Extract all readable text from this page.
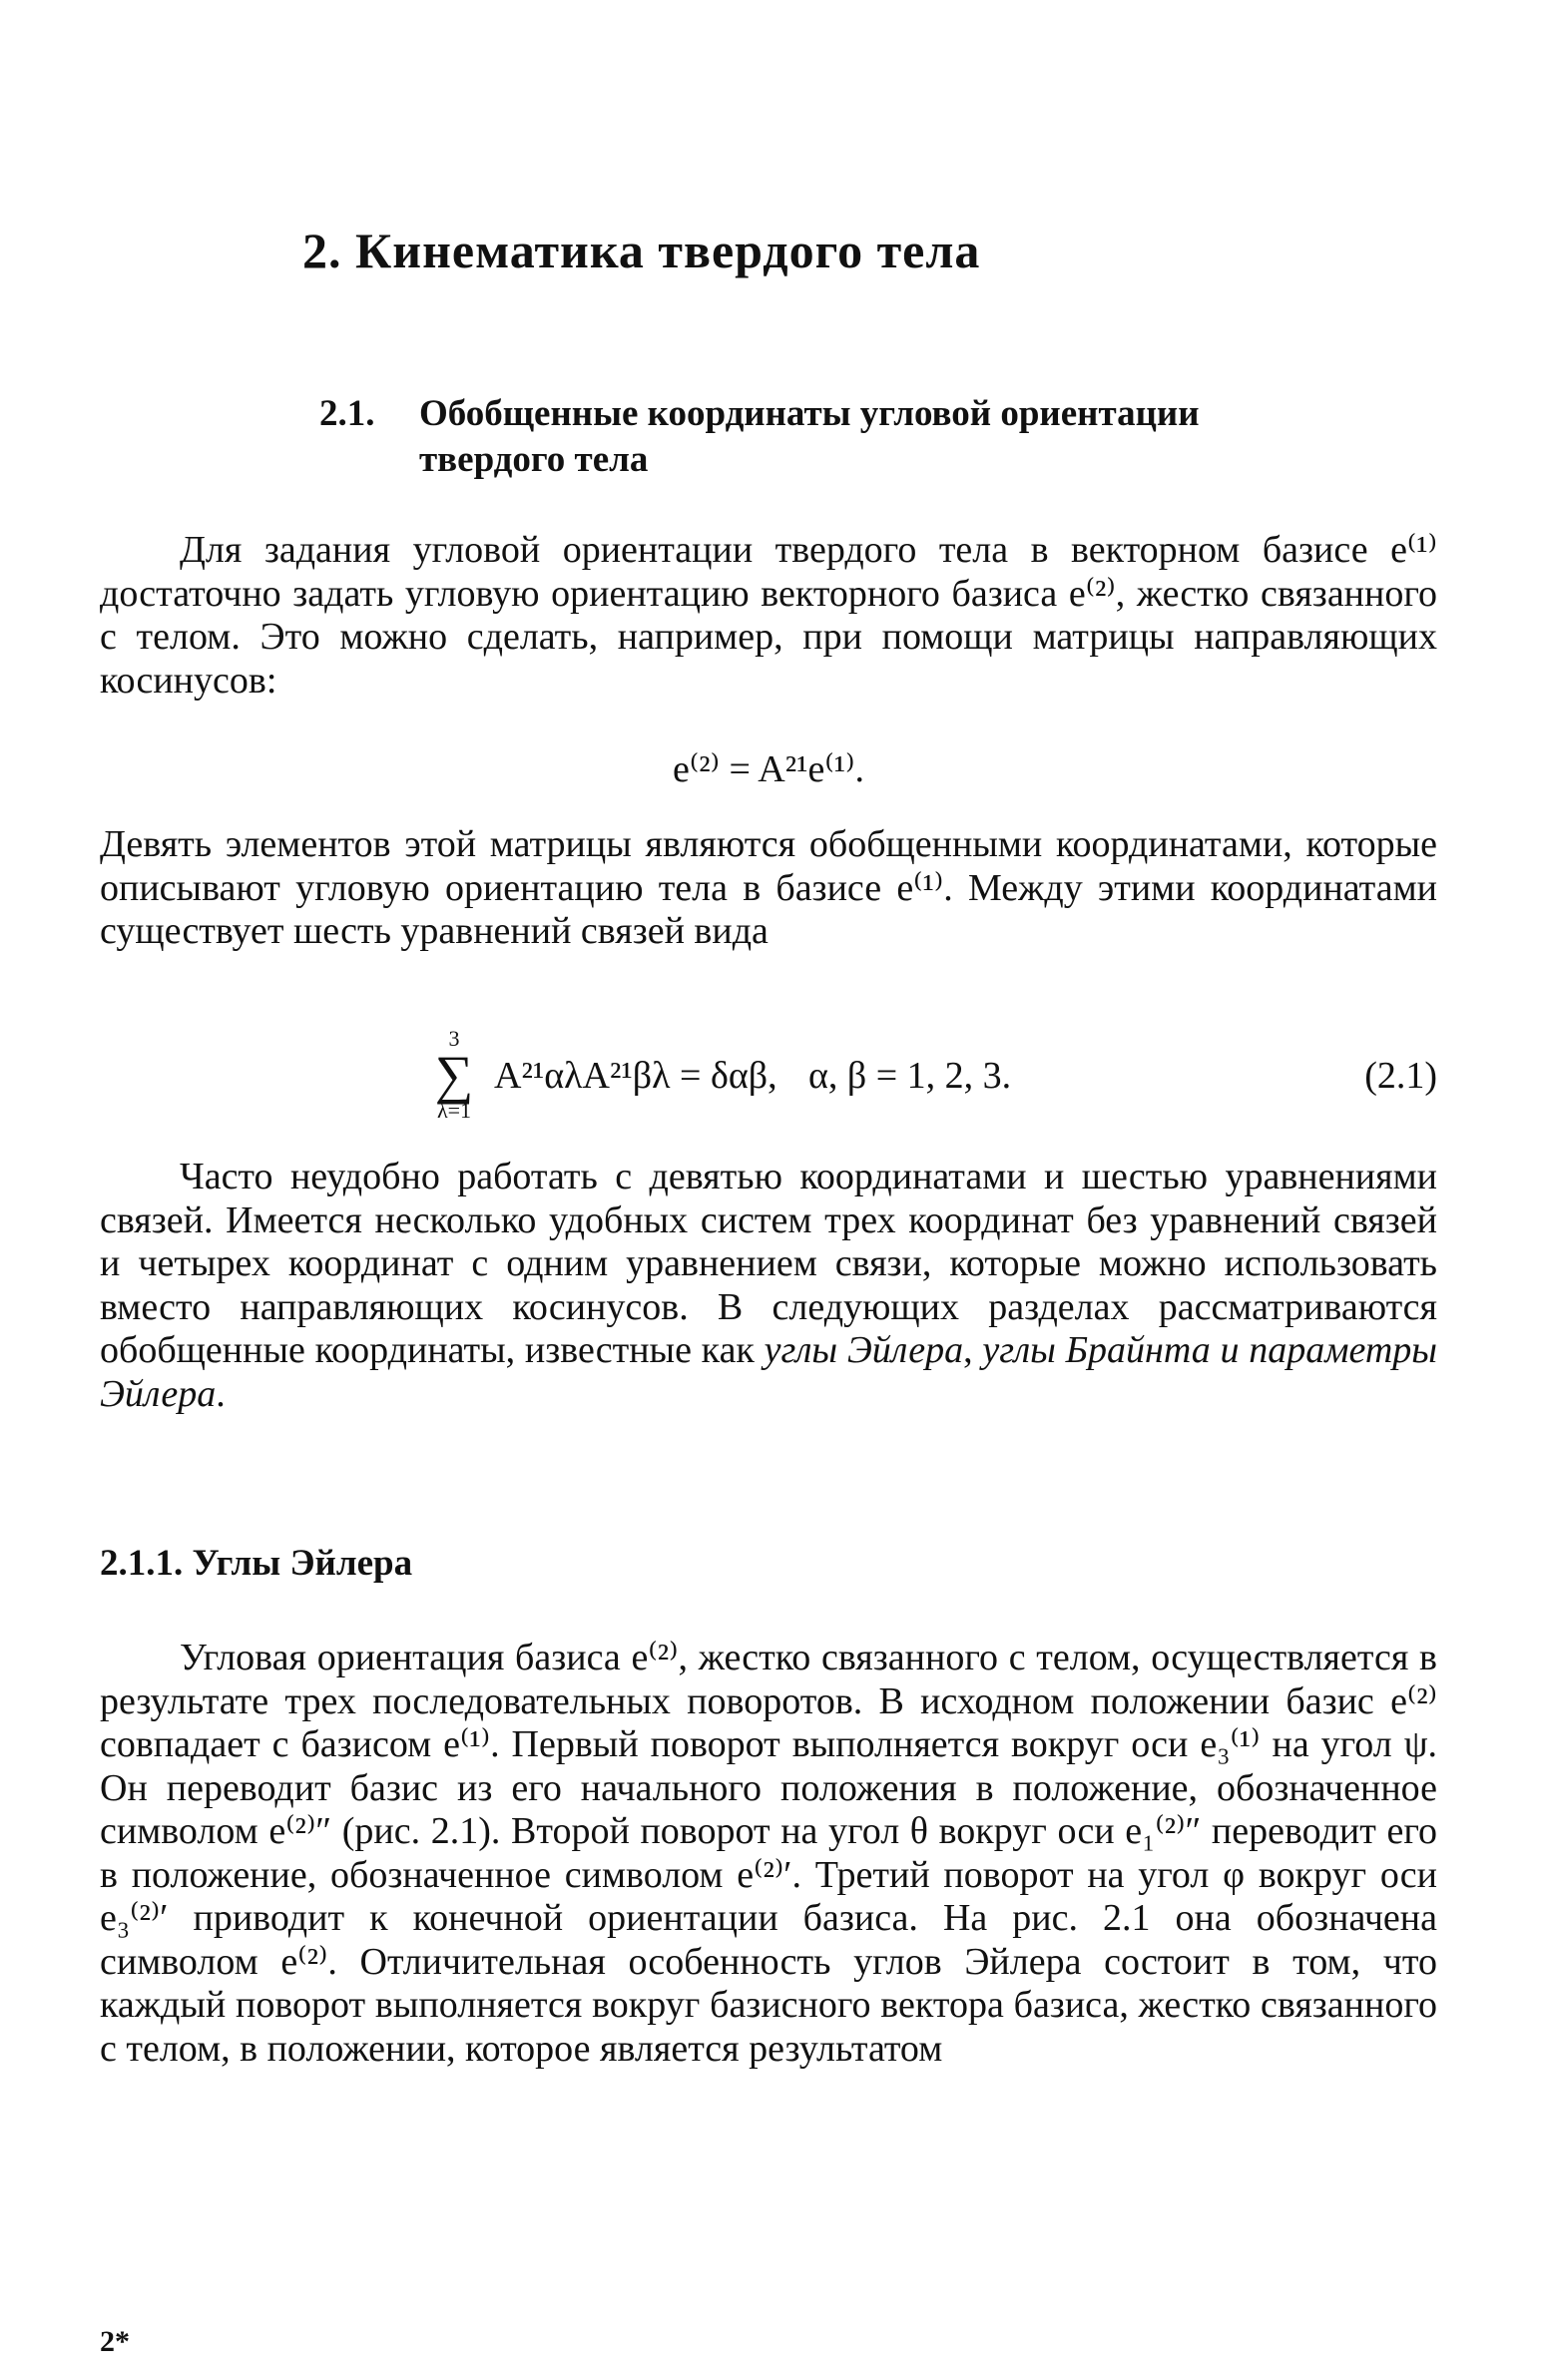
2. Кинематика твердого тела
2.1. Обобщенные координаты угловой ориентации
твердого тела

Для задания угловой ориентации твердого тела в векторном базисе e⁽¹⁾ достаточно задать угловую ориентацию векторного базиса e⁽²⁾, жестко связанного с телом. Это можно сделать, например, при помощи матрицы направляющих косинусов:

e⁽²⁾ = A²¹e⁽¹⁾.

Девять элементов этой матрицы являются обобщенными координатами, которые описывают угловую ориентацию тела в базисе e⁽¹⁾. Между этими координатами существует шесть уравнений связей вида

3
∑
λ=1
A²¹αλA²¹βλ = δαβ, α, β = 1, 2, 3.	(2.1)

Часто неудобно работать с девятью координатами и шестью уравнениями связей. Имеется несколько удобных систем трех координат без уравнений связей и четырех координат с одним уравнением связи, которые можно использовать вместо направляющих косинусов. В следующих разделах рассматриваются обобщенные координаты, известные как углы Эйлера, углы Брайнта и параметры Эйлера.

2.1.1. Углы Эйлера

Угловая ориентация базиса e⁽²⁾, жестко связанного с телом, осуществляется в результате трех последовательных поворотов. В исходном положении базис e⁽²⁾ совпадает с базисом e⁽¹⁾. Первый поворот выполняется вокруг оси e₃⁽¹⁾ на угол ψ. Он переводит базис из его начального положения в положение, обозначенное символом e⁽²⁾″ (рис. 2.1). Второй поворот на угол θ вокруг оси e₁⁽²⁾″ переводит его в положение, обозначенное символом e⁽²⁾′. Третий поворот на угол φ вокруг оси e₃⁽²⁾′ приводит к конечной ориентации базиса. На рис. 2.1 она обозначена символом e⁽²⁾. Отличительная особенность углов Эйлера состоит в том, что каждый поворот выполняется вокруг базисного вектора базиса, жестко связанного с телом, в положении, которое является результатом

2*
